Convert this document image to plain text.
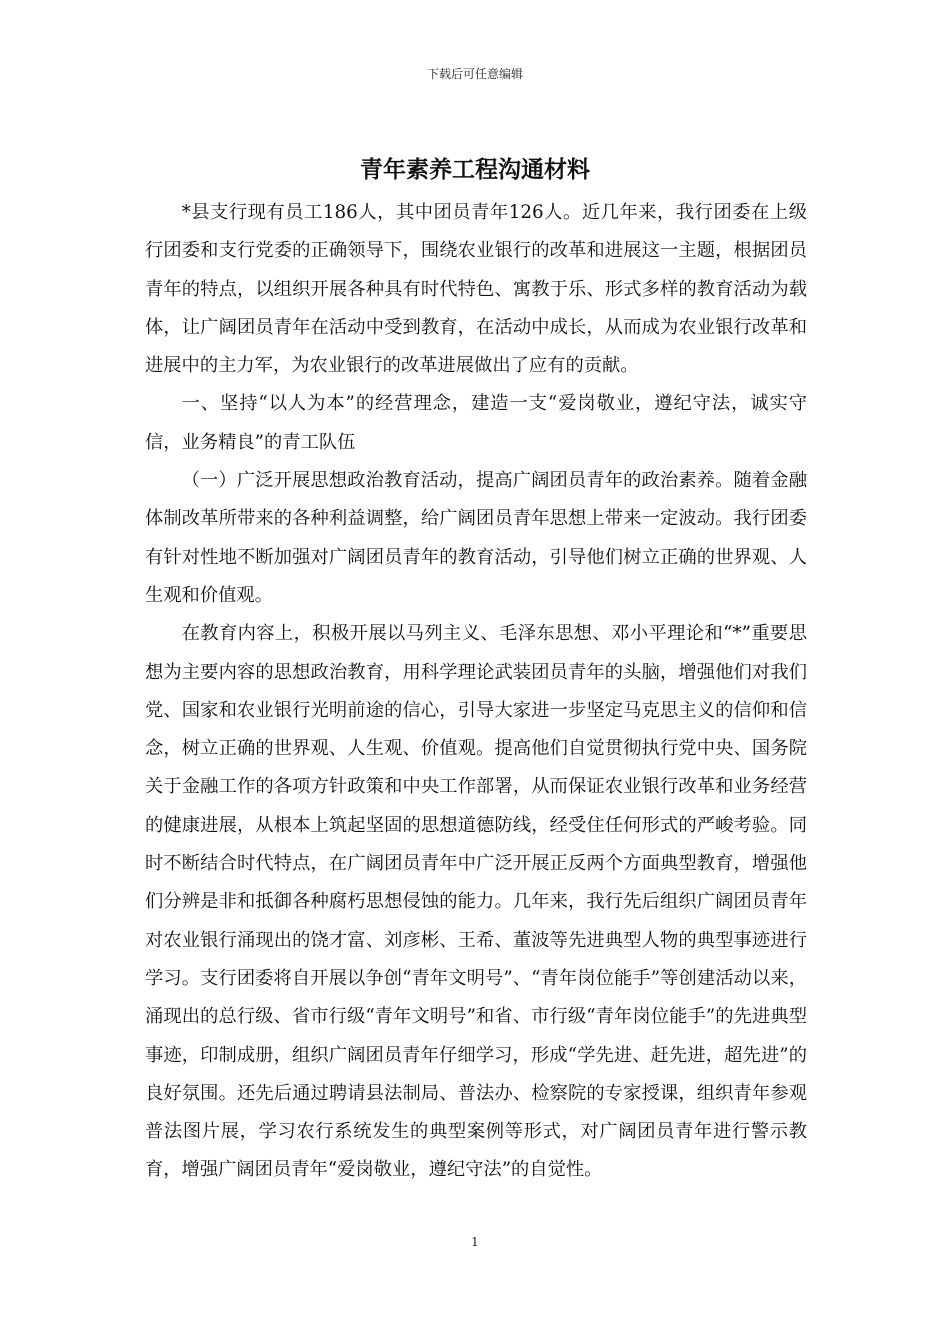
下载后可任意编辑
青年素养工程沟通材料

*县支行现有员工186人，其中团员青年126人。近几年来，我行团委在上级行团委和支行党委的正确领导下，围绕农业银行的改革和进展这一主题，根据团员青年的特点，以组织开展各种具有时代特色、寓教于乐、形式多样的教育活动为载体，让广阔团员青年在活动中受到教育，在活动中成长，从而成为农业银行改革和进展中的主力军，为农业银行的改革进展做出了应有的贡献。

一、坚持“以人为本”的经营理念，建造一支“爱岗敬业，遵纪守法，诚实守信，业务精良”的青工队伍

（一）广泛开展思想政治教育活动，提高广阔团员青年的政治素养。随着金融体制改革所带来的各种利益调整，给广阔团员青年思想上带来一定波动。我行团委有针对性地不断加强对广阔团员青年的教育活动，引导他们树立正确的世界观、人生观和价值观。

在教育内容上，积极开展以马列主义、毛泽东思想、邓小平理论和“*”重要思想为主要内容的思想政治教育，用科学理论武装团员青年的头脑，增强他们对我们党、国家和农业银行光明前途的信心，引导大家进一步坚定马克思主义的信仰和信念，树立正确的世界观、人生观、价值观。提高他们自觉贯彻执行党中央、国务院关于金融工作的各项方针政策和中央工作部署，从而保证农业银行改革和业务经营的健康进展，从根本上筑起坚固的思想道德防线，经受住任何形式的严峻考验。同时不断结合时代特点，在广阔团员青年中广泛开展正反两个方面典型教育，增强他们分辨是非和抵御各种腐朽思想侵蚀的能力。几年来，我行先后组织广阔团员青年对农业银行涌现出的饶才富、刘彦彬、王希、董波等先进典型人物的典型事迹进行学习。支行团委将自开展以争创“青年文明号”、“青年岗位能手”等创建活动以来，涌现出的总行级、省市行级“青年文明号”和省、市行级“青年岗位能手”的先进典型事迹，印制成册，组织广阔团员青年仔细学习，形成“学先进、赶先进，超先进”的良好氛围。还先后通过聘请县法制局、普法办、检察院的专家授课，组织青年参观普法图片展，学习农行系统发生的典型案例等形式，对广阔团员青年进行警示教育，增强广阔团员青年“爱岗敬业，遵纪守法”的自觉性。

1
